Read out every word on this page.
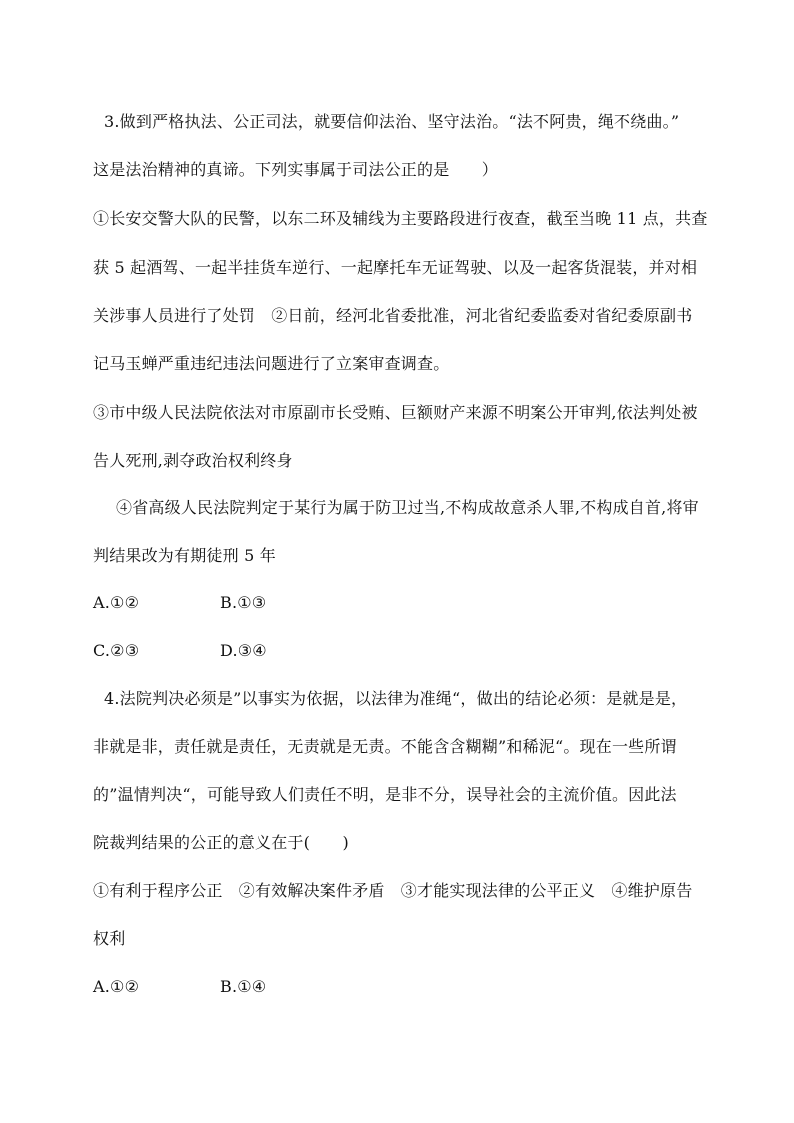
3.做到严格执法、公正司法，就要信仰法治、坚守法治。“法不阿贵，绳不绕曲。”
这是法治精神的真谛。下列实事属于司法公正的是　　）
①长安交警大队的民警，以东二环及辅线为主要路段进行夜查，截至当晚 11 点，共查
获 5 起酒驾、一起半挂货车逆行、一起摩托车无证驾驶、以及一起客货混装，并对相
关涉事人员进行了处罚　②日前，经河北省委批准，河北省纪委监委对省纪委原副书
记马玉蝉严重违纪违法问题进行了立案审查调查。
③市中级人民法院依法对市原副市长受贿、巨额财产来源不明案公开审判,依法判处被
告人死刑,剥夺政治权利终身
④省高级人民法院判定于某行为属于防卫过当,不构成故意杀人罪,不构成自首,将审
判结果改为有期徒刑 5 年
A.①②	B.①③
C.②③	D.③④
4.法院判决必须是”以事实为依据，以法律为准绳“，做出的结论必须：是就是是，
非就是非，责任就是责任，无责就是无责。不能含含糊糊”和稀泥“。现在一些所谓
的”温情判决“，可能导致人们责任不明，是非不分，误导社会的主流价值。因此法
院裁判结果的公正的意义在于(　　)
①有利于程序公正　②有效解决案件矛盾　③才能实现法律的公平正义　④维护原告
权利
A.①②	B.①④
